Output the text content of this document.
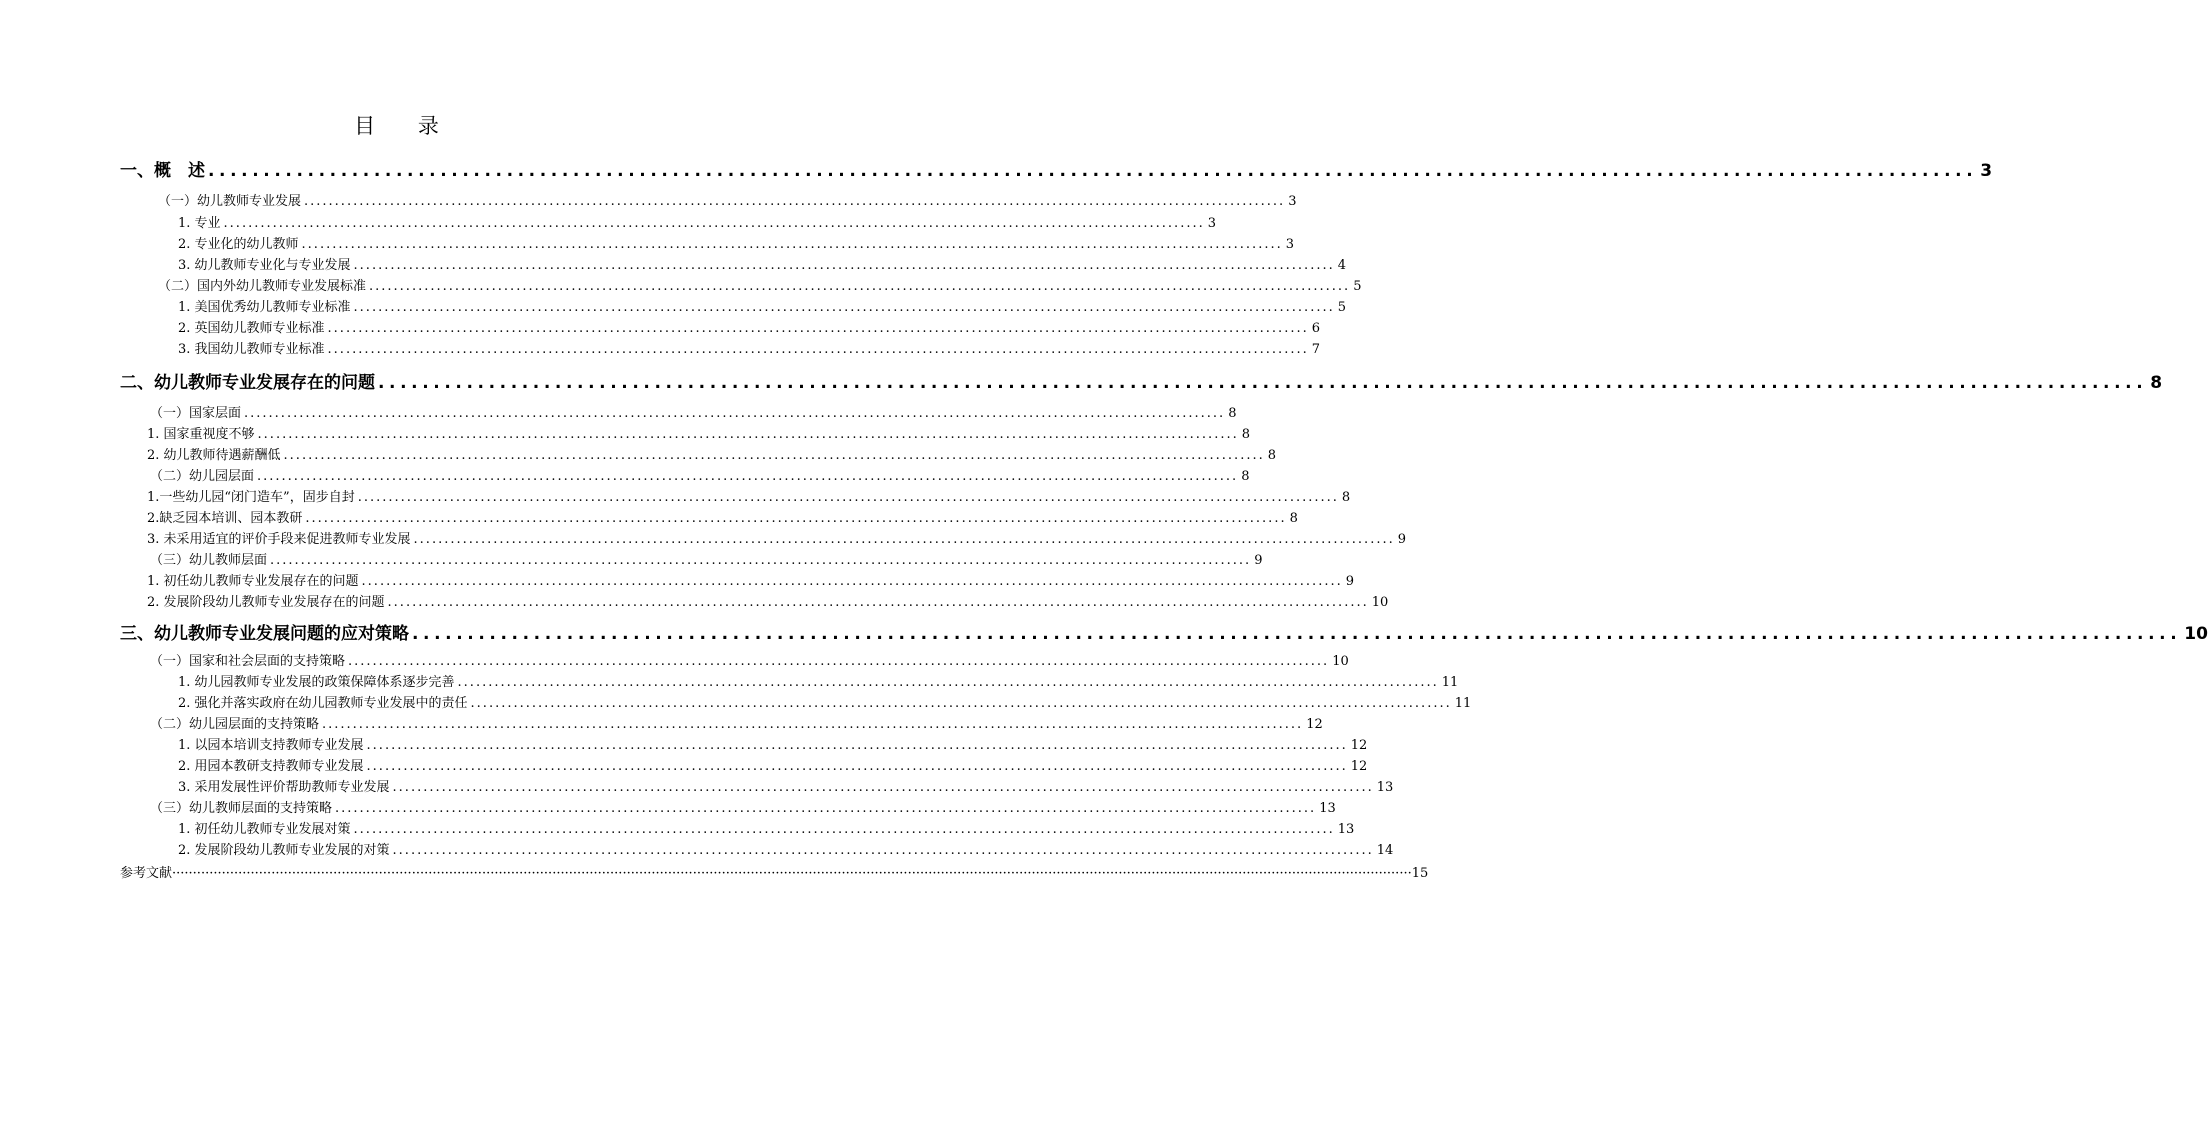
目 录
一、概　述 ................................................................................................................................................................ 3
（一）幼儿教师专业发展 ................................................................................................................................................................ 3
1. 专业 ................................................................................................................................................................ 3
2. 专业化的幼儿教师 ................................................................................................................................................................ 3
3. 幼儿教师专业化与专业发展 ................................................................................................................................................................ 4
（二）国内外幼儿教师专业发展标准 ................................................................................................................................................................ 5
1. 美国优秀幼儿教师专业标准 ................................................................................................................................................................ 5
2. 英国幼儿教师专业标准 ................................................................................................................................................................ 6
3. 我国幼儿教师专业标准 ................................................................................................................................................................ 7
二、幼儿教师专业发展存在的问题 ................................................................................................................................................................ 8
（一）国家层面 ................................................................................................................................................................ 8
1. 国家重视度不够 ................................................................................................................................................................ 8
2. 幼儿教师待遇薪酬低 ................................................................................................................................................................ 8
（二）幼儿园层面 ................................................................................................................................................................ 8
1.一些幼儿园“闭门造车”，固步自封 ................................................................................................................................................................ 8
2.缺乏园本培训、园本教研 ................................................................................................................................................................ 8
3. 未采用适宜的评价手段来促进教师专业发展 ................................................................................................................................................................ 9
（三）幼儿教师层面 ................................................................................................................................................................ 9
1. 初任幼儿教师专业发展存在的问题 ................................................................................................................................................................ 9
2. 发展阶段幼儿教师专业发展存在的问题 ................................................................................................................................................................ 10
三、幼儿教师专业发展问题的应对策略 ................................................................................................................................................................ 10
（一）国家和社会层面的支持策略 ................................................................................................................................................................ 10
1. 幼儿园教师专业发展的政策保障体系逐步完善 ................................................................................................................................................................ 11
2. 强化并落实政府在幼儿园教师专业发展中的责任 ................................................................................................................................................................ 11
（二）幼儿园层面的支持策略 ................................................................................................................................................................ 12
1. 以园本培训支持教师专业发展 ................................................................................................................................................................ 12
2. 用园本教研支持教师专业发展 ................................................................................................................................................................ 12
3. 采用发展性评价帮助教师专业发展 ................................................................................................................................................................ 13
（三）幼儿教师层面的支持策略 ................................................................................................................................................................ 13
1. 初任幼儿教师专业发展对策 ................................................................................................................................................................ 13
2. 发展阶段幼儿教师专业发展的对策 ................................................................................................................................................................ 14
参考文献 ············································································································································································································································································································ 15
